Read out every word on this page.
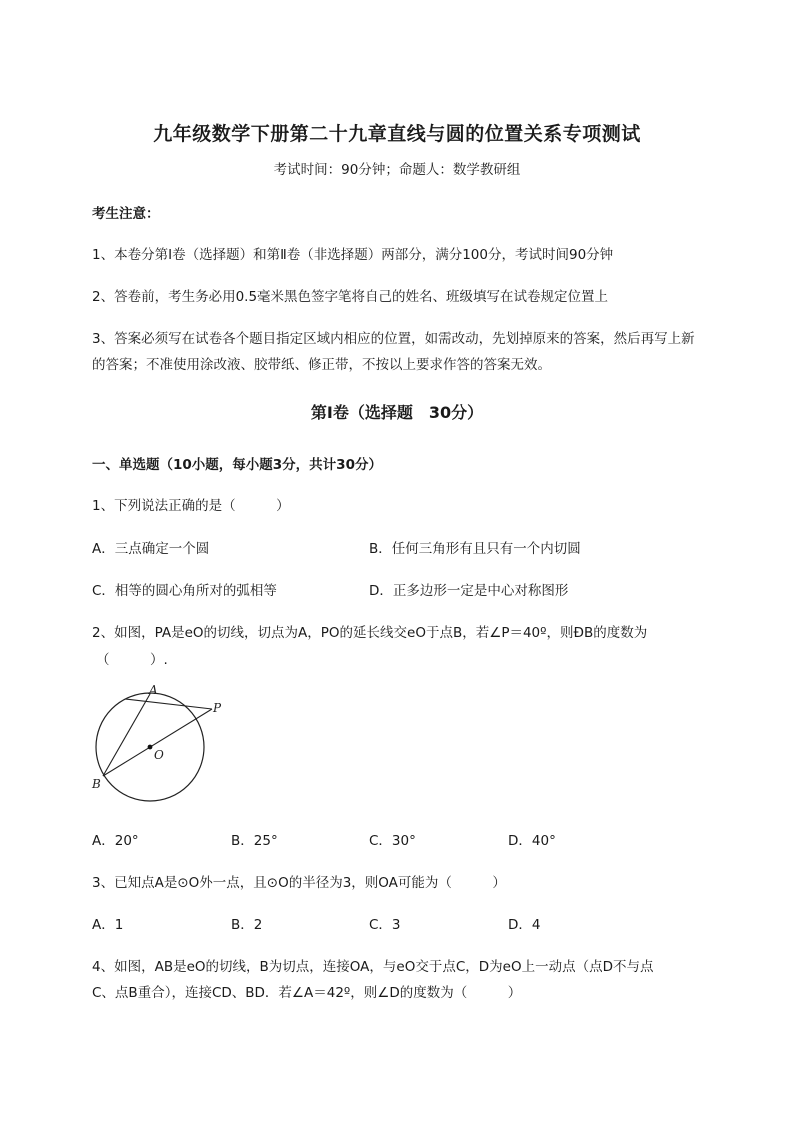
九年级数学下册第二十九章直线与圆的位置关系专项测试
考试时间：90分钟；命题人：数学教研组
考生注意：
1、本卷分第I卷（选择题）和第Ⅱ卷（非选择题）两部分，满分100分，考试时间90分钟
2、答卷前，考生务必用0.5毫米黑色签字笔将自己的姓名、班级填写在试卷规定位置上
3、答案必须写在试卷各个题目指定区域内相应的位置，如需改动，先划掉原来的答案，然后再写上新
的答案；不准使用涂改液、胶带纸、修正带，不按以上要求作答的答案无效。
第I卷（选择题　30分）
一、单选题（10小题，每小题3分，共计30分）
1、下列说法正确的是（　　　）
A．三点确定一个圆	B．任何三角形有且只有一个内切圆
C．相等的圆心角所对的弧相等	D．正多边形一定是中心对称图形
2、如图，PA是eO的切线，切点为A，PO的延长线交eO于点B，若∠P＝40º，则ÐB的度数为
（　　　）.
A
P
O
B
A．20°	B．25°	C．30°	D．40°
3、已知点A是⊙O外一点，且⊙O的半径为3，则OA可能为（　　　）
A．1	B．2	C．3	D．4
4、如图，AB是eO的切线，B为切点，连接OA，与eO交于点C，D为eO上一动点（点D不与点
C、点B重合），连接CD、BD．若∠A＝42º，则∠D的度数为（　　　）
